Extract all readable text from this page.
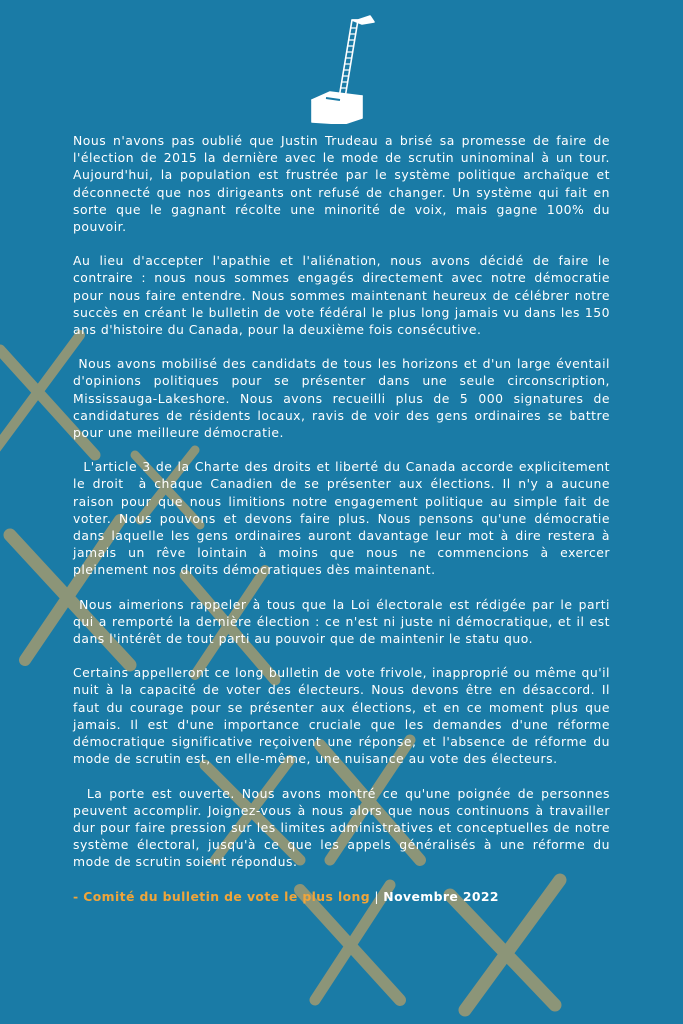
Nous n'avons pas oublié que Justin Trudeau a brisé sa promesse de faire de l'élection de 2015 la dernière avec le mode de scrutin uninominal à un tour. Aujourd'hui, la population est frustrée par le système politique archaïque et déconnecté que nos dirigeants ont refusé de changer. Un système qui fait en sorte que le gagnant récolte une minorité de voix, mais gagne 100% du pouvoir.

Au lieu d'accepter l'apathie et l'aliénation, nous avons décidé de faire le contraire : nous nous sommes engagés directement avec notre démocratie pour nous faire entendre. Nous sommes maintenant heureux de célébrer notre succès en créant le bulletin de vote fédéral le plus long jamais vu dans les 150 ans d'histoire du Canada, pour la deuxième fois consécutive.

Nous avons mobilisé des candidats de tous les horizons et d'un large éventail d'opinions politiques pour se présenter dans une seule circonscription, Mississauga-Lakeshore. Nous avons recueilli plus de 5 000 signatures de candidatures de résidents locaux, ravis de voir des gens ordinaires se battre pour une meilleure démocratie.

L'article 3 de la Charte des droits et liberté du Canada accorde explicitement le droit  à chaque Canadien de se présenter aux élections. Il n'y a aucune raison pour que nous limitions notre engagement politique au simple fait de voter. Nous pouvons et devons faire plus. Nous pensons qu'une démocratie dans laquelle les gens ordinaires auront davantage leur mot à dire restera à jamais un rêve lointain à moins que nous ne commencions à exercer pleinement nos droits démocratiques dès maintenant.

Nous aimerions rappeler à tous que la Loi électorale est rédigée par le parti qui a remporté la dernière élection : ce n'est ni juste ni démocratique, et il est dans l'intérêt de tout parti au pouvoir que de maintenir le statu quo.

Certains appelleront ce long bulletin de vote frivole, inapproprié ou même qu'il nuit à la capacité de voter des électeurs. Nous devons être en désaccord. Il faut du courage pour se présenter aux élections, et en ce moment plus que jamais. Il est d'une importance cruciale que les demandes d'une réforme démocratique significative reçoivent une réponse, et l'absence de réforme du mode de scrutin est, en elle-même, une nuisance au vote des électeurs.

La porte est ouverte. Nous avons montré ce qu'une poignée de personnes peuvent accomplir. Joignez-vous à nous alors que nous continuons à travailler dur pour faire pression sur les limites administratives et conceptuelles de notre système électoral, jusqu'à ce que les appels généralisés à une réforme du mode de scrutin soient répondus.

- Comité du bulletin de vote le plus long | Novembre 2022
